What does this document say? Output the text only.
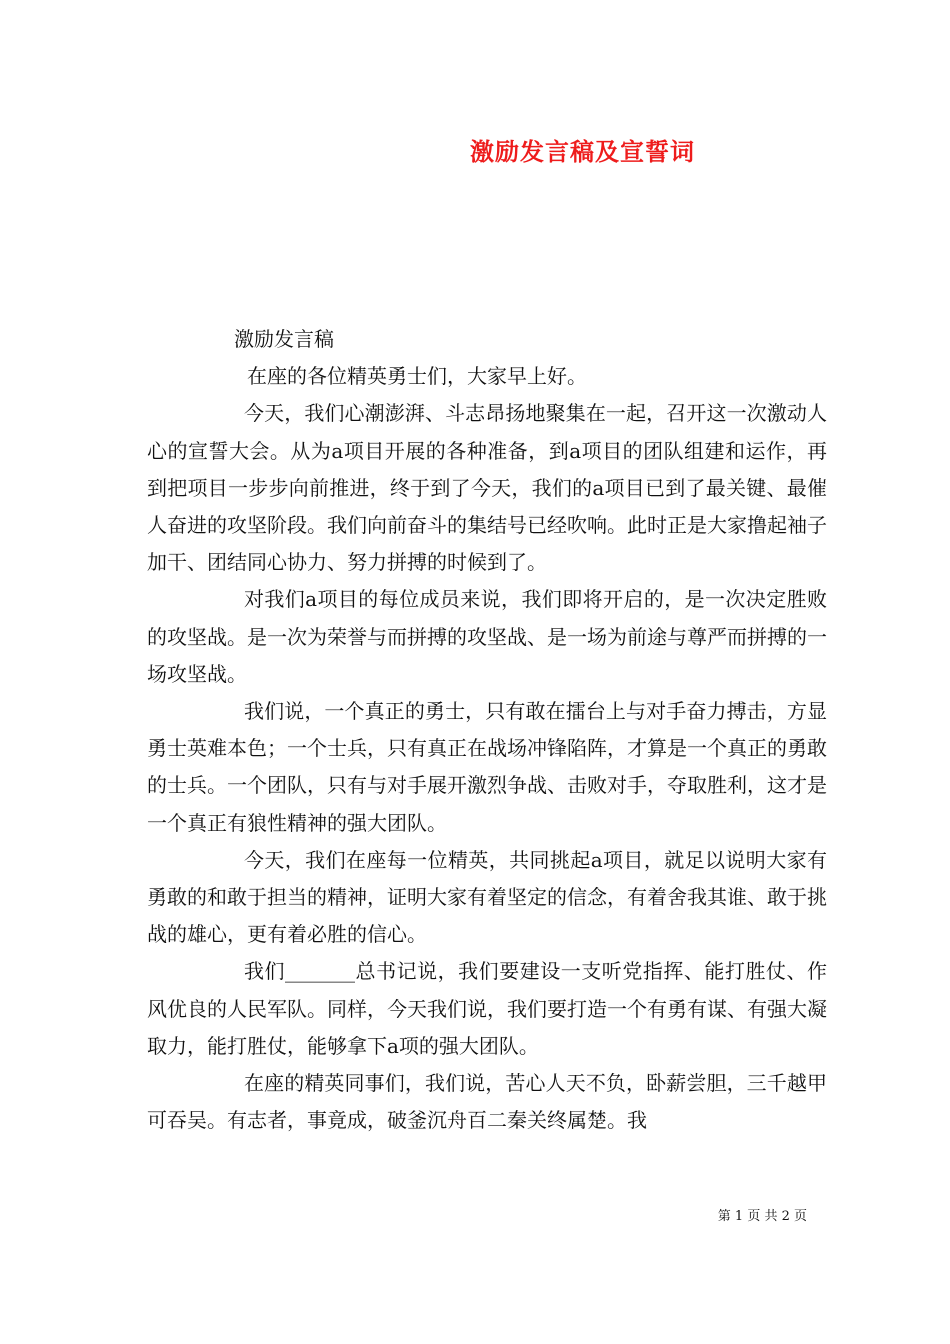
激励发言稿及宣誓词
激励发言稿

在座的各位精英勇士们，大家早上好。

今天，我们心潮澎湃、斗志昂扬地聚集在一起，召开这一次激动人心的宣誓大会。从为a项目开展的各种准备，到a项目的团队组建和运作，再到把项目一步步向前推进，终于到了今天，我们的a项目已到了最关键、最催人奋进的攻坚阶段。我们向前奋斗的集结号已经吹响。此时正是大家撸起袖子加干、团结同心协力、努力拼搏的时候到了。

对我们a项目的每位成员来说，我们即将开启的，是一次决定胜败的攻坚战。是一次为荣誉与而拼搏的攻坚战、是一场为前途与尊严而拼搏的一场攻坚战。

我们说，一个真正的勇士，只有敢在擂台上与对手奋力搏击，方显勇士英难本色；一个士兵，只有真正在战场冲锋陷阵，才算是一个真正的勇敢的士兵。一个团队，只有与对手展开激烈争战、击败对手，夺取胜利，这才是一个真正有狼性精神的强大团队。

今天，我们在座每一位精英，共同挑起a项目，就足以说明大家有勇敢的和敢于担当的精神，证明大家有着坚定的信念，有着舍我其谁、敢于挑战的雄心，更有着必胜的信心。

我们_______总书记说，我们要建设一支听党指挥、能打胜仗、作风优良的人民军队。同样，今天我们说，我们要打造一个有勇有谋、有强大凝取力，能打胜仗，能够拿下a项的强大团队。

在座的精英同事们，我们说，苦心人天不负，卧薪尝胆，三千越甲可吞吴。有志者，事竟成，破釜沉舟百二秦关终属楚。我

第 1 页 共 2 页
